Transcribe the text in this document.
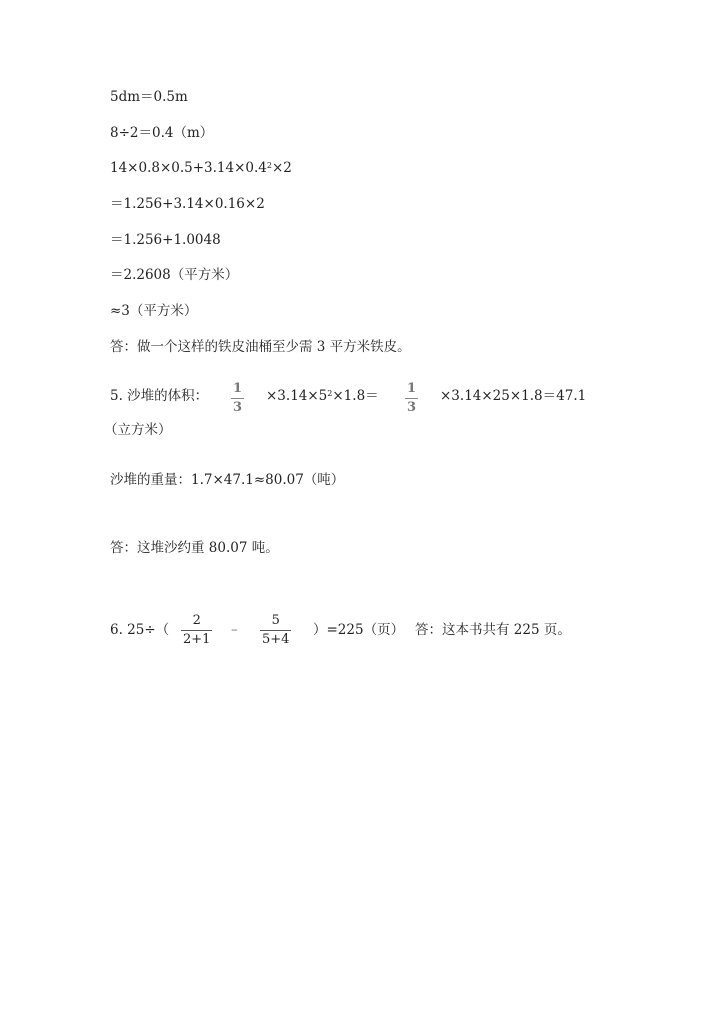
5dm＝0.5m
8÷2＝0.4（m）
$14\times 0.8\times 0.5+3.14\times 0.4^2\times 2$
＝1.256+3.14×0.16×2
＝1.256+1.0048
＝2.2608（平方米）
≈3（平方米）
答：做一个这样的铁皮油桶至少需 3 平方米铁皮。
5. 沙堆的体积： 1
3
$\times 3.14\times 5^2\times 1.8= 1$
3
×3.14×25×1.8＝47.1
（立方米）
沙堆的重量：1.7×47.1≈80.07（吨）
答：这堆沙约重 80.07 吨。
6. 25÷（
2
2+1
–
5
5+4
）=225（页） 答：这本书共有 225 页。
